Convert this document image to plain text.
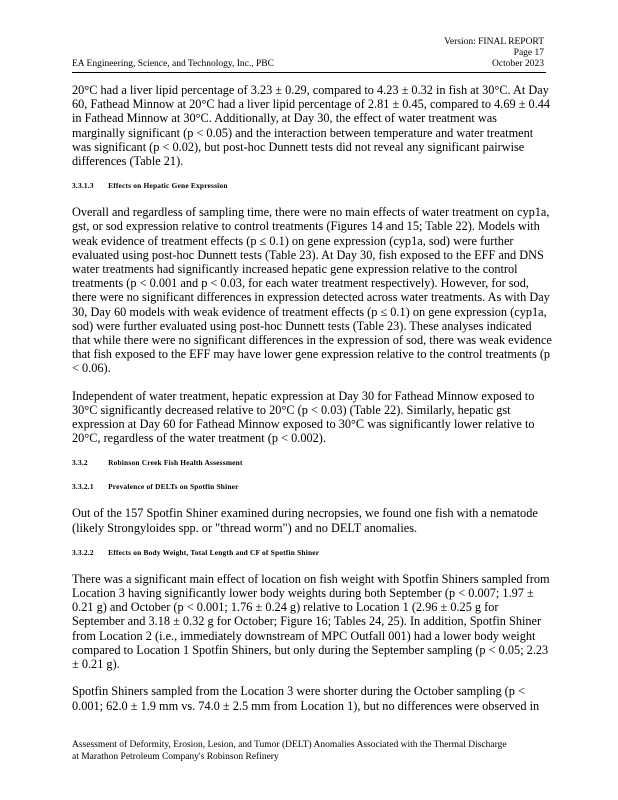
Version: FINAL REPORT
Page 17
October 2023
EA Engineering, Science, and Technology, Inc., PBC

20°C had a liver lipid percentage of 3.23 ± 0.29, compared to 4.23 ± 0.32 in fish at 30°C. At Day 60, Fathead Minnow at 20°C had a liver lipid percentage of 2.81 ± 0.45, compared to 4.69 ± 0.44 in Fathead Minnow at 30°C. Additionally, at Day 30, the effect of water treatment was marginally significant (p < 0.05) and the interaction between temperature and water treatment was significant (p < 0.02), but post-hoc Dunnett tests did not reveal any significant pairwise differences (Table 21).

3.3.1.3 Effects on Hepatic Gene Expression

Overall and regardless of sampling time, there were no main effects of water treatment on cyp1a, gst, or sod expression relative to control treatments (Figures 14 and 15; Table 22). Models with weak evidence of treatment effects (p ≤ 0.1) on gene expression (cyp1a, sod) were further evaluated using post-hoc Dunnett tests (Table 23). At Day 30, fish exposed to the EFF and DNS water treatments had significantly increased hepatic gene expression relative to the control treatments (p < 0.001 and p < 0.03, for each water treatment respectively). However, for sod, there were no significant differences in expression detected across water treatments. As with Day 30, Day 60 models with weak evidence of treatment effects (p ≤ 0.1) on gene expression (cyp1a, sod) were further evaluated using post-hoc Dunnett tests (Table 23). These analyses indicated that while there were no significant differences in the expression of sod, there was weak evidence that fish exposed to the EFF may have lower gene expression relative to the control treatments (p < 0.06).

Independent of water treatment, hepatic expression at Day 30 for Fathead Minnow exposed to 30°C significantly decreased relative to 20°C (p < 0.03) (Table 22). Similarly, hepatic gst expression at Day 60 for Fathead Minnow exposed to 30°C was significantly lower relative to 20°C, regardless of the water treatment (p < 0.002).

3.3.2	Robinson Creek Fish Health Assessment
3.3.2.1 Prevalence of DELTs on Spotfin Shiner

Out of the 157 Spotfin Shiner examined during necropsies, we found one fish with a nematode (likely Strongyloides spp. or "thread worm") and no DELT anomalies.

3.3.2.2 Effects on Body Weight, Total Length and CF of Spotfin Shiner

There was a significant main effect of location on fish weight with Spotfin Shiners sampled from Location 3 having significantly lower body weights during both September (p < 0.007; 1.97 ± 0.21 g) and October (p < 0.001; 1.76 ± 0.24 g) relative to Location 1 (2.96 ± 0.25 g for September and 3.18 ± 0.32 g for October; Figure 16; Tables 24, 25). In addition, Spotfin Shiner from Location 2 (i.e., immediately downstream of MPC Outfall 001) had a lower body weight compared to Location 1 Spotfin Shiners, but only during the September sampling (p < 0.05; 2.23 ± 0.21 g).

Spotfin Shiners sampled from the Location 3 were shorter during the October sampling (p < 0.001; 62.0 ± 1.9 mm vs. 74.0 ± 2.5 mm from Location 1), but no differences were observed in

Assessment of Deformity, Erosion, Lesion, and Tumor (DELT) Anomalies Associated with the Thermal Discharge
at Marathon Petroleum Company's Robinson Refinery
